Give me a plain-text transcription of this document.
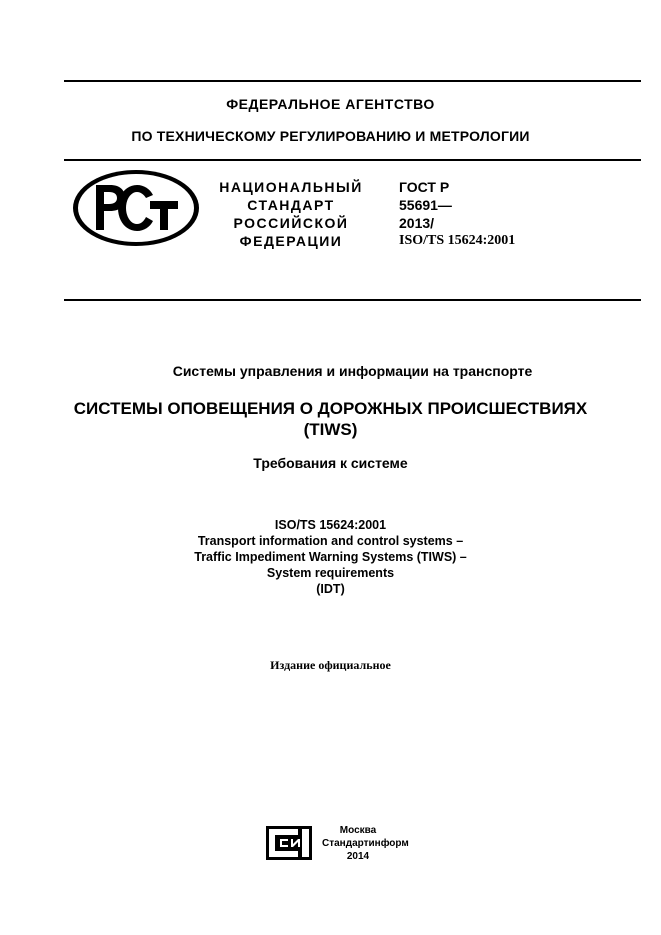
ФЕДЕРАЛЬНОЕ АГЕНТСТВО
ПО ТЕХНИЧЕСКОМУ РЕГУЛИРОВАНИЮ И МЕТРОЛОГИИ
НАЦИОНАЛЬНЫЙ
СТАНДАРТ
РОССИЙСКОЙ
ФЕДЕРАЦИИ
ГОСТ Р
55691—
2013/
ISO/TS 15624:2001
Системы управления и информации на транспорте
СИСТЕМЫ ОПОВЕЩЕНИЯ О ДОРОЖНЫХ ПРОИСШЕСТВИЯХ
(TIWS)
Требования к системе
ISO/TS 15624:2001
Transport information and control systems –
Traffic Impediment Warning Systems (TIWS) –
System requirements
(IDT)
Издание официальное
Москва
Стандартинформ
2014
